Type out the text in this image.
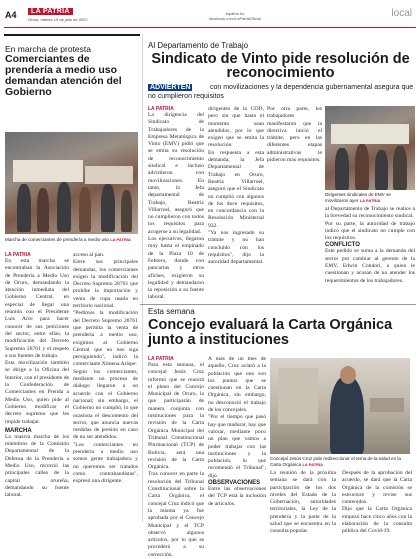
A4	LA PATRIA
Oruro, martes 19 de julio de 2022
lapatria.bo
facebook.com/LaPatriaOficial	local
En marcha de protesta
Comerciantes de prendería a medio uso demandan atención del Gobierno
Marcha de comerciantes de prendería a medio uso LA PATRIA
LA PATRIA
En esta marcha se encontraban la Asociación de Prendería a Medio Uso de Oruro, demandando la atención inmediata del Gobierno Central, en especial de llegar una reunión con el Presidente Luis Arce para hacer conocer de sus peticiones del sector, entre ellas, la modificación del Decreto Supremo 28761 y el respeto a sus fuentes de trabajo.
Esta movilización también se dirige a la Oficina del Interior, con el presidente de la Confederación de Comerciantes en Prenda a Medio Uso, quien pide al Gobierno modificar el decreto supremo que les impide trabajar.
MARCHA
La masiva marcha de los miembros de la Comisión Departamental de la Defensa de la Prendería a Medio Uso, recorrió las principales calles de la capital orureña, demandando su fuente laboral.
acceso al pan.
Entre sus principales demandas, los comerciantes exigen la modificación del Decreto Supremo 28761 que prohíbe la importación y venta de ropa usada en territorio nacional.
"Pedimos la modificación del Decreto Supremo 28761 que permita la venta de prendería a medio uso, exigimos al Gobierno Central que no nos siga persiguiendo", indicó la comerciante Ximena Arispe.
Según los comerciantes, mediante un proceso de diálogo llegaron a un acuerdo con el Gobierno nacional; sin embargo, el Gobierno no cumplió, lo que ocasiona el descontento del sector, que anuncia nuevas medidas de presión en caso de no ser atendidos.
"Los comerciantes en prendería a medio uso somos gente trabajadora y no queremos ser tratados como contrabandistas", expresó una dirigente.
Al Departamento de Trabajo
Sindicato de Vinto pide resolución de reconocimiento
ADVIERTEN	con movilizaciones y la dependencia gubernamental asegura que
no cumplieron requisitos
LA PATRIA
La dirigencia del Sindicato de Trabajadores de la Empresa Metalúrgica de Vinto (EMV) pidió que se emita su resolución de reconocimiento sindical e incluso advirtieron con movilizaciones. En tanto, la Jefa departamental de Trabajo, Beatriz Villarroel, aseguró que no cumplieron con todos los requisitos para acogerse a su legalidad.
Los ejecutivos, llegaron muy hasta el empinado de la Plaza 10 de Febrero, donde con pancartas y otros afiches, exigieron su legalidad y demandaron la reposición a su fuente laboral.
dirigentes de la COD, pero sin que hasta el momento sean atendidos, por lo que exigen que se emita la resolución.
En respuesta a esta demanda, la Jefa Departamental de Trabajo en Oruro, Beatriz Villarroel, aseguró que el Sindicato no cumplió con algunos de los doce requisitos, en concordancia con la Resolución Ministerial 932.
"Ya nos ingresado su trámite y no han concluido con los requisitos", dijo la autoridad departamental.
Por otra parte, los trabajadores manifestaron que la directiva inició el trámite, pero en las diferentes etapas administrativas le pidieron más requisitos.
Dirigentes sindicales de EMV se movilizaron ayer LA PATRIA
al Departamento de Trabajo se realice a la brevedad su reconocimiento sindical.
Por su parte, la autoridad de trabajo indicó que el sindicato no cumple con los requisitos.
CONFLICTO
Este pedido se suma a la demanda del sector por cambiar al gerente de la EMV, Edwin Condori, a quien le cuestionan y acusan de no atender los requerimientos de los trabajadores.
Esta semana
Concejo evaluará la Carta Orgánica junto a instituciones
LA PATRIA
Para esta semana, el concejal Jesús Cruz informó que se reunirá el pleno del Concejo Municipal de Oruro, la que participarán de manera conjunta con instituciones para la revisión de la Carta Orgánica Municipal del Tribunal Constitucional Plurinacional (TCP) de Bolivia, será una revisión de la Carta Orgánica.
Tras conocer en parte la resolución del Tribunal Constitucional sobre la Carta Orgánica, el concejal Cruz indicó que la misma ya fue aprobada por el Concejo Municipal y el TCP observó algunos artículos, por lo que se procederá a su corrección.
A más de un mes de aquello, Cruz aclaró a la población que uno son los puntos que se cuestionan en la Carta Orgánica, sin embargo, no desconoció el trabajo de los concejales.
"Por el tiempo que pasó hay que madurar, hay que valorar, mediante poco un plan que vamos a poder trabajar con las instituciones y la población, lo que recomendó el Tribunal", dijo.
OBSERVACIONES
Entre las observaciones del TCP está la inclusión de artículos.
Concejal Jesús Cruz pide redireccionar el tema de la salud en la Carta Orgánica LA PATRIA
La reunión de la próxima semana se dará con la participación de los dos niveles del Estado de la Gobernación, autoridades territoriales, la Ley de la prendería y la parte de la salud que se encuentra en la consulta popular.
Después de la aprobación del acuerdo, se dará que la Carta Orgánica de la comisión se estructure y revise sus contenidos.
Dijo que la Carta Orgánica empezó hace cinco años con la elaboración de la consulta pública del Covid-19.
